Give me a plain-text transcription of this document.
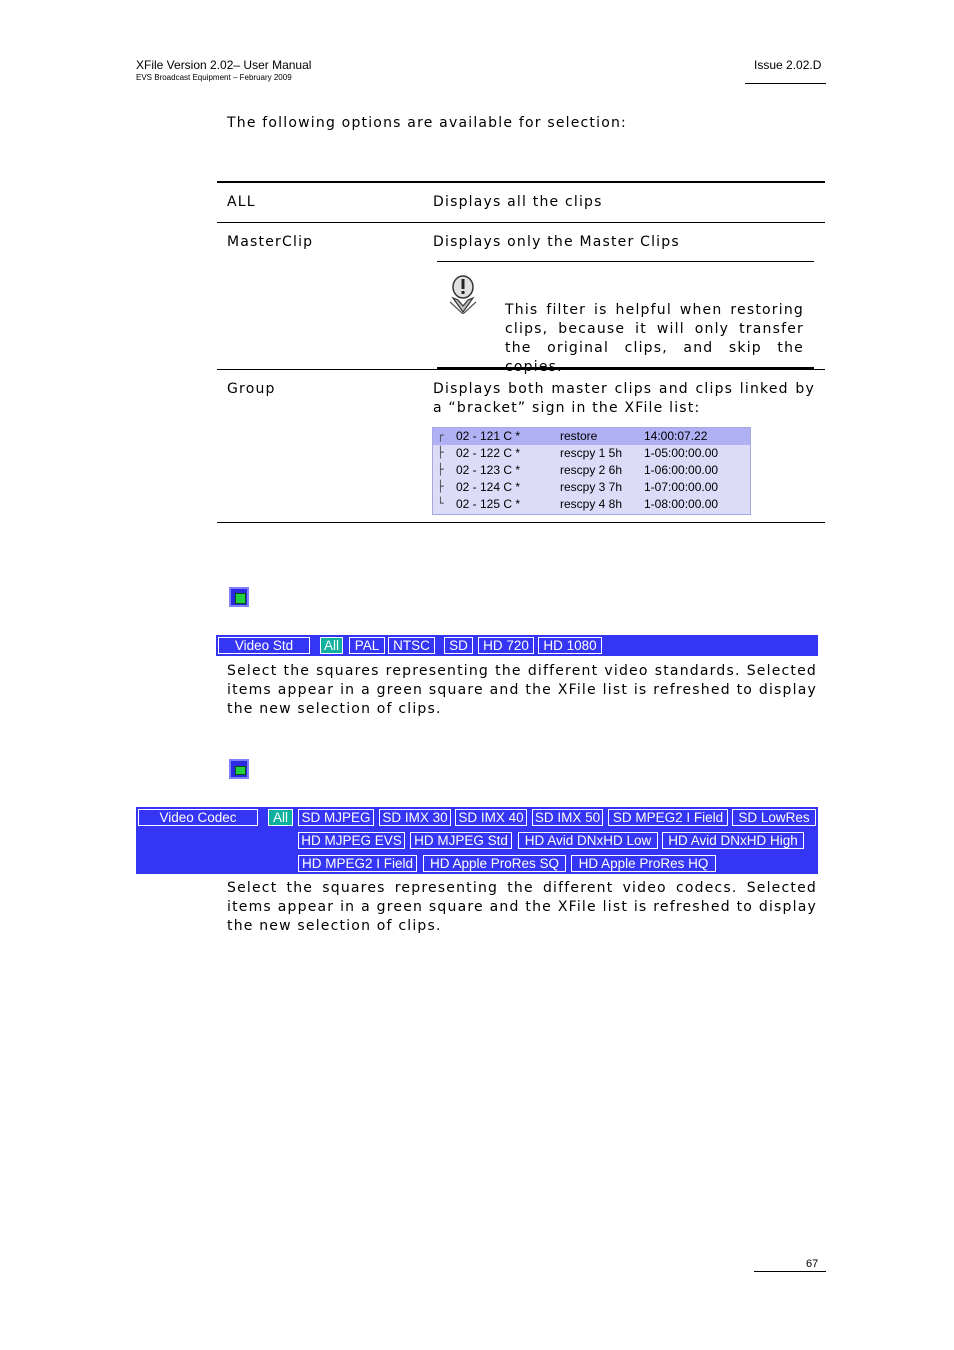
XFile Version 2.02– User Manual
EVS Broadcast Equipment – February 2009
Issue 2.02.D
The following options are available for selection:
ALL	Displays all the clips
MasterClip	Displays only the Master Clips
This filter is helpful when restoring clips, because it will only transfer the original clips, and skip the
Group	Displays both master clips and clips linked by a “bracket” sign in the XFile list:
┌ 02 - 121 C *	restore	14:00:07.22
├ 02 - 122 C *	rescpy 1 5h 1-05:00:00.00
├ 02 - 123 C *	rescpy 2 6h 1-06:00:00.00
├ 02 - 124 C *	rescpy 3 7h 1-07:00:00.00
└ 02 - 125 C *	rescpy 4 8h 1-08:00:00.00
Video Std	All	PAL	NTSC	SD	HD 720	HD 1080
Select the squares representing the different video standards. Selected items appear in a green square and the XFile list is refreshed to display the new selection of clips.
Video Codec	All SD MJPEG SD IMX 30 SD IMX 40 SD IMX 50 SD MPEG2 I Field	SD LowRes
HD MJPEG EVS HD MJPEG Std	HD Avid DNxHD Low	HD Avid DNxHD High
HD MPEG2 I Field	HD Apple ProRes SQ	HD Apple ProRes HQ
Select the squares representing the different video codecs. Selected items appear in a green square and the XFile list is refreshed to display the new selection of clips.
67
